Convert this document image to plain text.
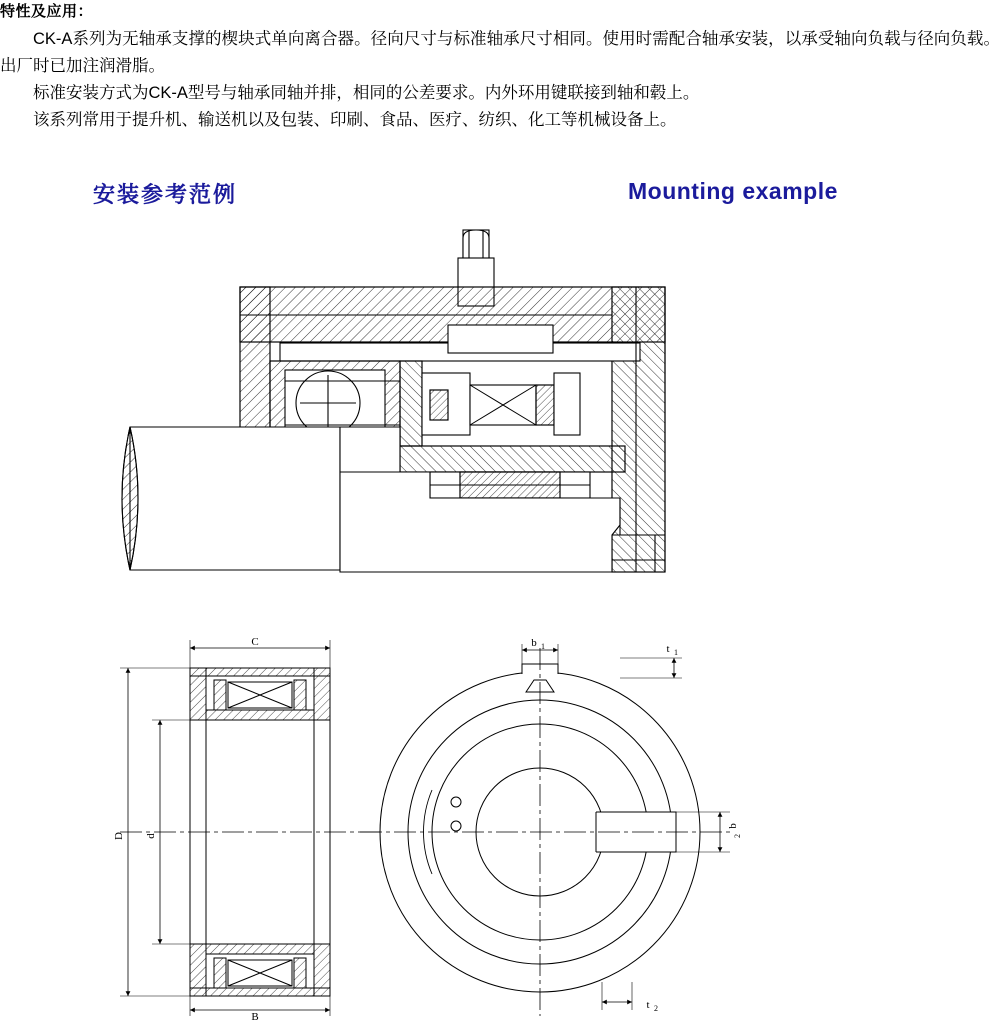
特性及应用：

CK-A系列为无轴承支撑的楔块式单向离合器。径向尺寸与标准轴承尺寸相同。使用时需配合轴承安装，以承受轴向负载与径向负载。出厂时已加注润滑脂。

标准安装方式为CK-A型号与轴承同轴并排，相同的公差要求。内外环用键联接到轴和毂上。

该系列常用于提升机、输送机以及包装、印刷、食品、医疗、纺织、化工等机械设备上。

安装参考范例	Mounting example
C
B
D d
b 1	t 1
b
2
t 2
